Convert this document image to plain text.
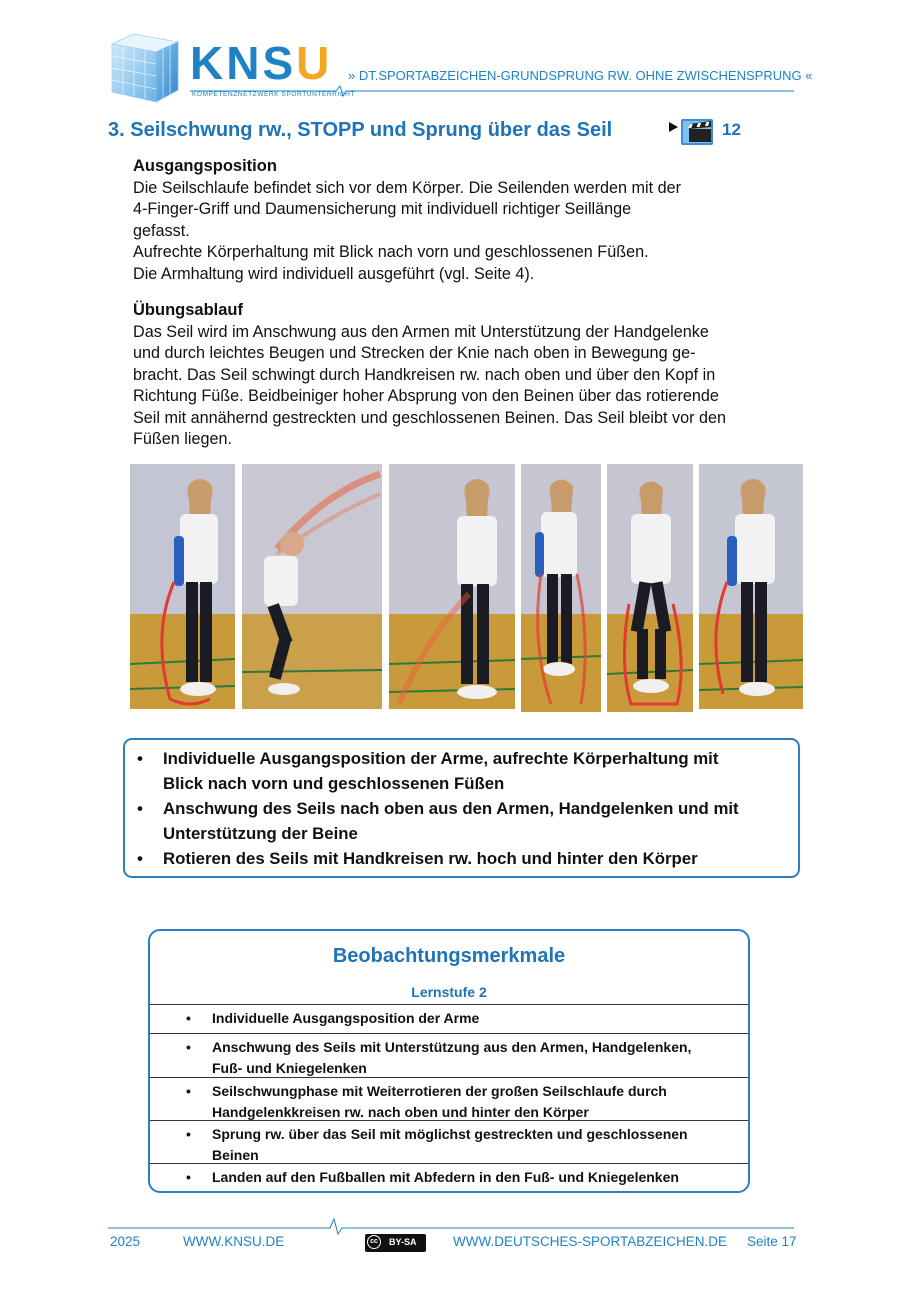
KNSU
KOMPETENZNETZWERK SPORTUNTERRICHT
» DT.SPORTABZEICHEN-GRUNDSPRUNG RW. OHNE ZWISCHENSPRUNG «
3. Seilschwung rw., STOPP und Sprung über das Seil	12
Ausgangsposition

Die Seilschlaufe befindet sich vor dem Körper. Die Seilenden werden mit der
4-Finger-Griff und Daumensicherung mit individuell richtiger Seillänge
gefasst.
Aufrechte Körperhaltung mit Blick nach vorn und geschlossenen Füßen.
Die Armhaltung wird individuell ausgeführt (vgl. Seite 4).

Übungsablauf

Das Seil wird im Anschwung aus den Armen mit Unterstützung der Handgelenke
und durch leichtes Beugen und Strecken der Knie nach oben in Bewegung ge-
bracht. Das Seil schwingt durch Handkreisen rw. nach oben und über den Kopf in
Richtung Füße. Beidbeiniger hoher Absprung von den Beinen über das rotierende
Seil mit annähernd gestreckten und geschlossenen Beinen. Das Seil bleibt vor den
Füßen liegen.

• Individuelle Ausgangsposition der Arme, aufrechte Körperhaltung mit
Blick nach vorn und geschlossenen Füßen
• Anschwung des Seils nach oben aus den Armen, Handgelenken und mit
Unterstützung der Beine
• Rotieren des Seils mit Handkreisen rw. hoch und hinter den Körper
Beobachtungsmerkmale
Lernstufe 2
• Individuelle Ausgangsposition der Arme
• Anschwung des Seils mit Unterstützung aus den Armen, Handgelenken,
Fuß- und Kniegelenken
• Seilschwungphase mit Weiterrotieren der großen Seilschlaufe durch
Handgelenkkreisen rw. nach oben und hinter den Körper
• Sprung rw. über das Seil mit möglichst gestreckten und geschlossenen
Beinen
• Landen auf den Fußballen mit Abfedern in den Fuß- und Kniegelenken
2025	WWW.KNSU.DE	cc	BY-SA	WWW.DEUTSCHES-SPORTABZEICHEN.DE Seite 17
